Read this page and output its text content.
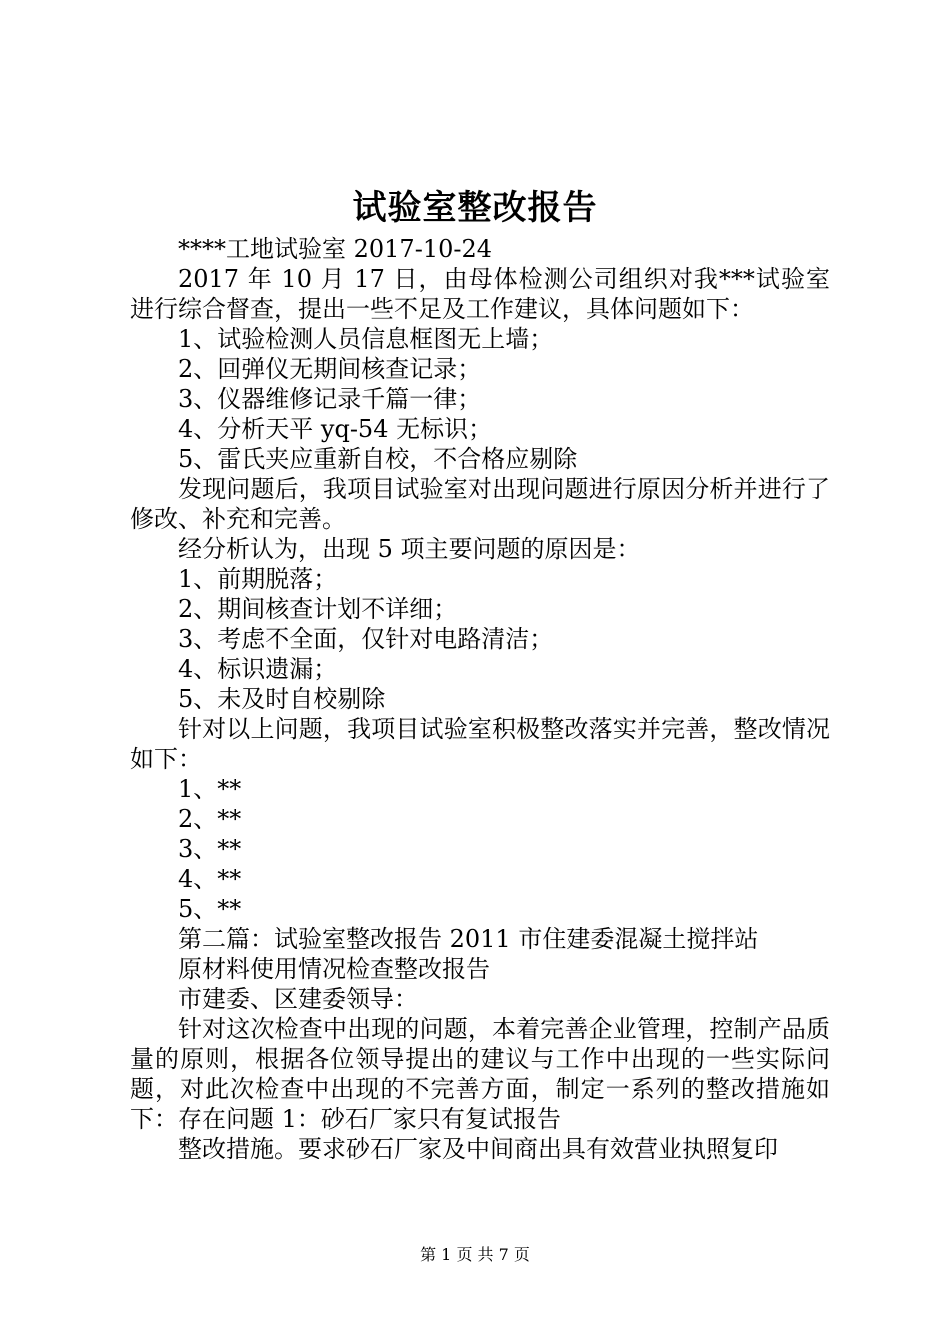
试验室整改报告

****工地试验室 2017-10-24

2017 年 10 月 17 日，由母体检测公司组织对我***试验室进行综合督查，提出一些不足及工作建议，具体问题如下：

1、试验检测人员信息框图无上墙；

2、回弹仪无期间核查记录；

3、仪器维修记录千篇一律；

4、分析天平 yq-54 无标识；

5、雷氏夹应重新自校，不合格应剔除

发现问题后，我项目试验室对出现问题进行原因分析并进行了修改、补充和完善。

经分析认为，出现 5 项主要问题的原因是：

1、前期脱落；

2、期间核查计划不详细；

3、考虑不全面，仅针对电路清洁；

4、标识遗漏；

5、未及时自校剔除

针对以上问题，我项目试验室积极整改落实并完善，整改情况如下：

1、**

2、**

3、**

4、**

5、**

第二篇：试验室整改报告 2011 市住建委混凝土搅拌站

原材料使用情况检查整改报告

市建委、区建委领导：

针对这次检查中出现的问题，本着完善企业管理，控制产品质量的原则，根据各位领导提出的建议与工作中出现的一些实际问题，对此次检查中出现的不完善方面，制定一系列的整改措施如下：存在问题 1：砂石厂家只有复试报告

整改措施。要求砂石厂家及中间商出具有效营业执照复印

第 1 页 共 7 页
